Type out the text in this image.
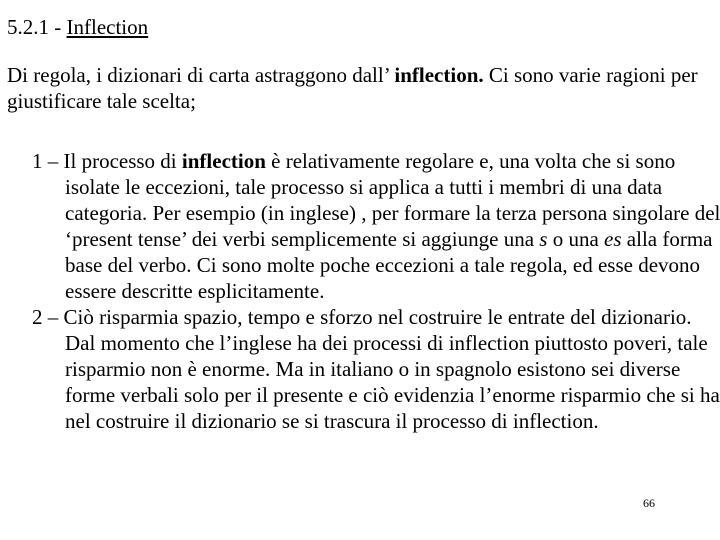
5.2.1 - Inflection

Di regola, i dizionari di carta astraggono dall’ inflection. Ci sono varie ragioni per giustificare tale scelta;

1 – Il processo di inflection è relativamente regolare e, una volta che si sono isolate le eccezioni, tale processo si applica a tutti i membri di una data categoria. Per esempio (in inglese) , per formare la terza persona singolare del ‘present tense’ dei verbi semplicemente si aggiunge una s o una es alla forma base del verbo. Ci sono molte poche eccezioni a tale regola, ed esse devono essere descritte esplicitamente.
2 – Ciò risparmia spazio, tempo e sforzo nel costruire le entrate del dizionario. Dal momento che l’inglese ha dei processi di inflection piuttosto poveri, tale risparmio non è enorme. Ma in italiano o in spagnolo esistono sei diverse forme verbali solo per il presente e ciò evidenzia l’enorme risparmio che si ha nel costruire il dizionario se si trascura il processo di inflection.
66
